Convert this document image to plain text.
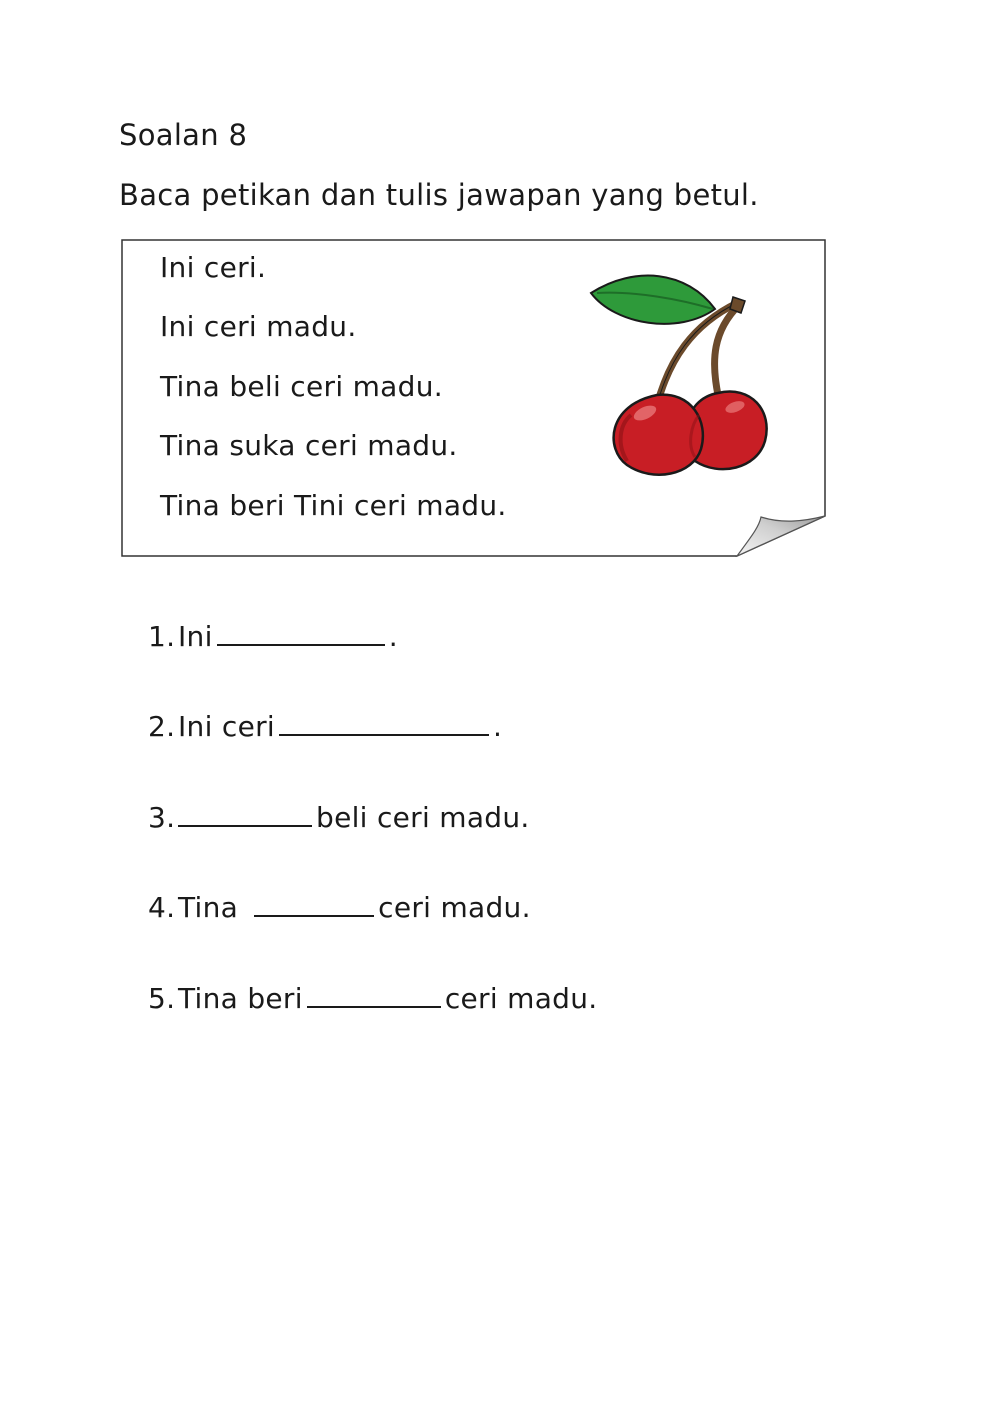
Soalan 8

Baca petikan dan tulis jawapan yang betul.

Ini ceri.
Ini ceri madu.
Tina beli ceri madu.
Tina suka ceri madu.
Tina beri Tini ceri madu.
1.Ini	.
2.Ini ceri	.
3.	beli ceri madu.
4.Tina	ceri madu.
5.Tina beri	ceri madu.
